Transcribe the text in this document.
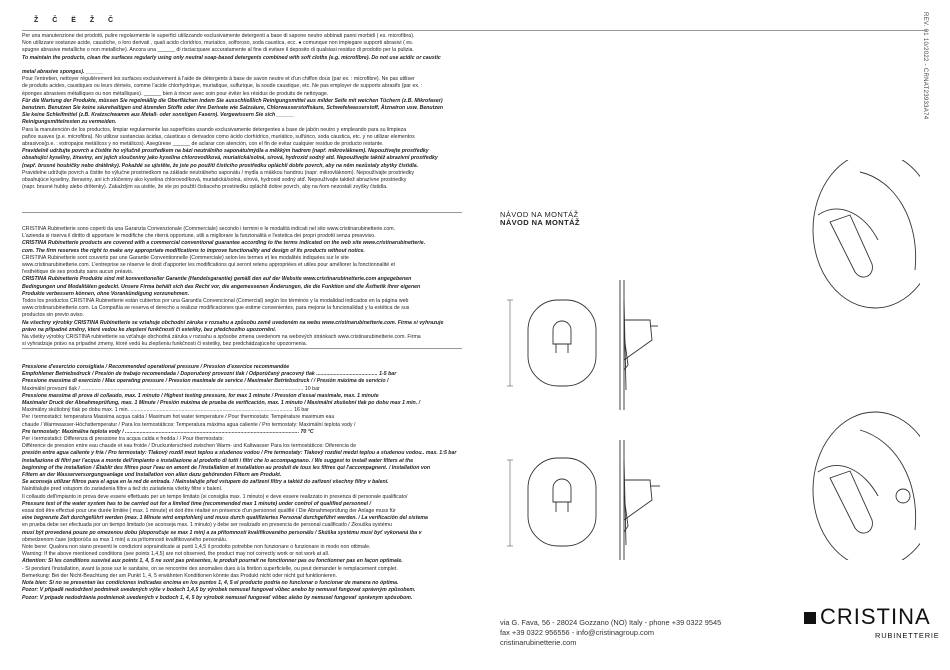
Ž Č Ë Ž Č	REV. 01 10/2022 - CRNAT23933A74
Per una manutenzione dei prodotti, pulire regolarmente le superfici utilizzando esclusivamente detergenti a base di sapone neutro abbinati panni morbidi ( es. microfibra).
Non utilizzare sostanze acide, caustiche, o loro derivati , quali acido cloridrico, muriatico, solforoso, soda caustica, ecc. ● comunque non impiegare supporti abrasivi ( es.
spugne abrasive metalliche o non metalliche). Ancora una ______ di risciacquare accuratamente al fine di evitare il deposito di qualsiasi residuo di prodotto per la pulizia.
To maintain the products, clean the surfaces regularly using only neutral soap-based detergents combined with soft cloths (e.g. microfibre). Do not use acidic or caustic

metal abrasive sponges). ______
Pour l'entretien, nettoyer régulièrement les surfaces exclusivement à l'aide de détergents à base de savon neutre et d'un chiffon doux (par ex. : microfibre). Ne pas utiliser
de produits acides, caustiques ou leurs dérivés, comme l'acide chlorhydrique, muriatique, sulfurique, la soude caustique, etc. Ne pas employer de supports abrasifs (par ex. :
éponges abrasives métalliques ou non métalliques). ______ bien à rincer avec soin pour éviter les résidus de produits de nettoyage.
Für die Wartung der Produkte, müssen Sie regelmäßig die Oberflächen indem Sie ausschließlich Reinigungsmittel aus milder Seife mit weichen Tüchern (z.B. Mikrofaser)
benutzen. Benutzen Sie keine säurehaltigen und ätzenden Stoffe oder ihre Derivate wie Salzsäure, Chlorwasserstoffsäure, Schwefelwasserstoff, Ätznatron usw. Benutzen
Sie keine Schleifmittel (z.B. Kratzschwamm aus Metall- oder sonstigen Fasern). Vergewissern Sie sich ______
Reinigungsmittelresten zu vermeiden.
Para la manutención de los productos, limpiar regularmente las superficies usando exclusivamente detergentes a base de jabón neutro y empleando para su limpieza
paños suaves (p.e. microfibra). No utilizar sustancias ácidas, cáusticas o derivados como ácido clorhídrico, muriático, sulfúrico, soda cáustica, etc. y no utilizar elementos
abrasivos(p.e. : estropajos metálicos y no metálicos). Asegúrese ______ de aclarar con atención, con el fin de evitar cualquier residuo de producto restante.
Pravidelně udržujte povrch a čistěte ho výlučně prostředkem na bázi neutrálního saponátu/mýdla a měkkým hadrem (např. mikrovláknem). Nepoužívejte prostředky
obsahující kyseliny, žíraviny, ani jejich sloučeniny jako kyselina chlorovodíková, muriatická/solná, sírová, hydroxid sodný atd. Nepoužívejte taktéž abrazivní prostředky
(např. brusné houbičky nebo drátěnky). Pokaždé se ujistěte, že jste po použití čisticího prostředku opláchli dobře povrch, aby na něm nezůstaly zbytky čistidla.
Pravidelne udržujte povrch a čistite ho výlučne prostriedkom na základe neutrálneho saponátu / mydla a mäkkou handrou (napr. mikrovláknom). Nepoužívajte prostriedky
obsahujúce kyseliny, žieraviny, ani ich zlúčeniny ako kyselina chlorovodíková, muriatická/solná, sírová, hydroxid sodný atď. Nepoužívajte taktiež abrazívne prostriedky
(napr. brusné hubky alebo drôtenky). Zakaždým sa uistite, že ste po použití čistiaceho prostriedku opláchli dobre povrch, aby na ňom nezostali zvyšky čistidla.
CRISTINA Rubinetterie sono coperti da una Garanzia Convenzionale (Commerciale) secondo i termini e le modalità indicati nel sito www.cristinarubinetterie.com.
L'azienda si riserva il diritto di apportare le modifiche che riterrà opportune, utili a migliorare la funzionalità e l'estetica dei propri prodotti senza preavviso.
CRISTINA Rubinetterie products are covered with a commercial conventional guarantee according to the terms indicated on the web site www.cristinarubinetterie.
com. The firm reserves the right to make any appropriate modifications to improve functionality and design of its products without notice.
CRISTINA Rubinetterie sont couverts par une Garantie Conventionnelle (Commerciale) selon les termes et les modalités indiquées sur le site
www.cristinarubinetterie.com. L'entreprise se réserve le droit d'apporter les modifications qui seront retenu appropriées et utiles pour améliorer la fonctionnalité et
l'esthétique de ses produits sans aucun préavis.
CRISTINA Rubinetterie Produkte sind mit konventioneller Garantie (Handelsgarantie) gemäß den auf der Website www.cristinarubinetterie.com angegebenen
Bedingungen und Modalitäten gedeckt. Unsere Firma behält sich das Recht vor, die angemessenen Änderungen, die die Funktion und die Ästhetik ihrer eigenen
Produkte verbessern können, ohne Vorankündigung vorzunehmen.
Todos los productos CRISTINA Rubinetterie están cubiertos por una Garantía Convencional (Comercial) según los términos y la modalidad indicados en la página web
www.cristinarubinetterie.com. La Compañía se reserva el derecho a realizar modificaciones que estime convenientes, para mejorar la funcionalidad y la estética de sus
productos sin previo aviso.
Na všechny výrobky CRISTINA Rubinetterie se vztahuje obchodní záruka v rozsahu a způsobu země uvedeném na webu www.cristinarubinetterie.com. Firma si vyhrazuje
právo na případné změny, které vedou ke zlepšení funkčnosti či estetiky, bez předchozího upozornění.
Na všetky výrobky CRISTINA rubinetterie sa vzťahuje obchodná záruka v rozsahu a spôsobe zmena uvedenom na webových stránkach www.cristinarubinetterie.com. Firma
si vyhradzuje právo na prípadné zmeny, ktoré vedú ku zlepšeniu funkčnosti či estetiky, bez predchádzajúceho upozornenia.
Pressione d'esercizio consigliata / Recommended operational pressure / Pression d'exercice recommandée
Empfohlener Betriebsdruck / Presión de trabajo recomendada / Doporučený provozní tlak / Odporúčaný pracovný tlak .......................................... 1-5 bar
Pressione massima di esercizio / Max operating pressure / Pression maximale de service / Maximaler Betriebsdruck / / Presión máxima de servicio /
Maximální provozní tlak / ........................................................................................................................................................ 10 bar
Pressione massima di prova di collaudo, max. 1 minuto / Highest testing pressure, for max 1 minute / Pression d'essai maximale, max. 1 minute
Maximaler Druck der Abnahmeprüfung, max. 1 Minute / Presión máxima de prueba de verificación, max. 1 minuto / Maximální zkušební tlak po dobu max 1 min. /
Maximálny skúšobný tlak po dobu max. 1 min. ............................................................................................................... 16 bar
Per i termostatici: temperatura Massima acqua calda / Maximum hot water temperature / Pour thermostats: Température maximum eau
chaude / Warmwasser-Höchsttemperatur / Para los termostáticos: Temperatura máxima agua caliente / Pro termostaty: Maximální teplota vody /
Pre termostaty: Maximálna teplota vody / ....................................................................................................................... 70 °C
Per i termostatici: Differenza di pressione tra acqua calda e fredda / / Pour thermostats:
Différence de pression entre eau chaude et eau froide / Druckunterschied zwischen Warm- und Kaltwasser Para los termostáticos: Diferencia de
presión entre agua caliente y fría / Pro termostaty: Tlakový rozdíl mezi teplou a studenou vodou / Pre termostaty: Tlakový rozdiel medzi teplou a studenou vodou.. max. 1:5 bar
Installazione di filtri per l'acqua a monte dell'impianto e installazione al prodotto di tutti i filtri che lo accompagnano. / We suggest to install water filters at the
beginning of the installation / Établir des filtres pour l'eau en amont de l'installation et installation au produit de tous les filtres qui l'accompagnent. / Installation von
Filtern an der Wasserversorgungsanlage und Installation von allen dazu gehörenden Filtern am Produkt.
Se aconseja utilizar filtros para el agua en la red de entrada. / Nainstalujte před vstupem do zařízení filtry a taktéž do zařízení všechny filtry v balení.
Nainštalujte pred vstupom do zariadenia filtre a tiež do zariadenia všetky filtre v balení.
Il collaudo dell'impianto in prova deve essere effettuato per un tempo limitato (si consiglia max. 1 minuto) e deve essere realizzato in presenza di personale qualificato/
Pressure test of the water system has to be carried out for a limited time (recommended max 1 minute) under control of qualified personnel /
essai doit être effectué pour une durée limitée ( max. 1 minute) et doit être réalisé en présence d'un personnel qualifié / Die Abnahmeprüfung der Anlage muss für
eine begrenzte Zeit durchgeführt werden (max. 1 Minute wird empfohlen) und muss durch qualifiziertes Personal durchgeführt werden. / La verificación del sistema
en prueba debe ser efectuada por un tiempo limitado (se aconseja max. 1 minuto) y debe ser realizado en presencia de personal cualificado / Zkouška systému
musí být provedená pouze po omezenou dobu (doporučuje se max 1 min) a za přítomnosti kvalifikovaného personálu / Skúška systému musí byť vykonaná iba v
obmedzenom čase (odporúča sa max 1 min) a za prítomnosti kvalifikovaného personálu.
Note bene: Qualora non siano presenti le condizioni sopraindicate ai punti 1,4,5 il prodotto potrebbe non funzionare o funzionare in modo non ottimale.
Warning: If the above mentioned conditions (see points 1,4,5) are not observed, the product may not correctly work or not work at all.
Attention: Si les conditions susvisé aux points 1, 4, 5 ne sont pas présentes, le produit pourrait ne fonctionner pas ou fonctionner pas en façon optimale.
- Si pendant l'installation, avant la pose sur le sanitaire, on se rencontre des anomalies dues à la finition superficielle, ou peut demander le remplacement complet.
Bemerkung: Bei der Nicht-Beachtung der am Punkt 1, 4, 5 erwähnten Konditionen könnte das Produkt nicht oder nicht gut funktionieren.
Nota bien: Si no se presentan las condiciones indicadas encima en los puntos 1, 4, 5 el producto podría no funcionar o funcionar de manera no óptima.
Pozor: V případě nedodržení podmínek uvedených výše v bodech 1,4,5 by výrobek nemusel fungovat vůbec anebo by nemusel fungovat správným způsobem.
Pozor: V prípade nedodržania podmienok uvedených v bodoch 1, 4, 5 by výrobok nemusel fungovať vôbec alebo by nemusel fungovať správnym spôsobom.
NÁVOD NA MONTÁŽ
NÁVOD NA MONTÁŽ
via G. Fava, 56 - 28024 Gozzano (NO) Italy - phone +39 0322 9545
fax +39 0322 956556 - info@cristinagroup.com
cristinarubinetterie.com
CRISTINA
RUBINETTERIE
